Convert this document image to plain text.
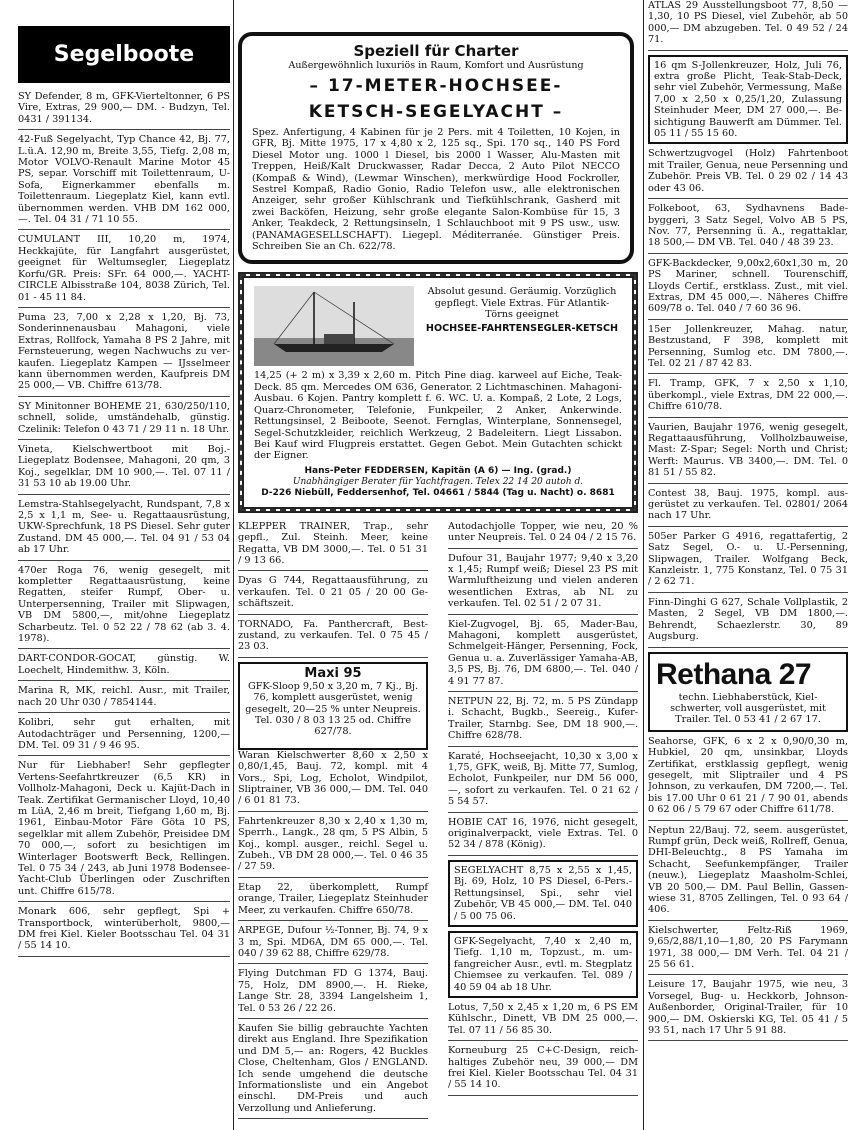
Segelboote
SY Defender, 8 m, GFK-Vierteltonner, 6 PS Vire, Extras, 29 900,— DM. - Budzyn, Tel. 0431 / 391134.
42-Fuß Segelyacht, Typ Chance 42, Bj. 77, L.ü.A. 12,90 m, Breite 3,55, Tiefg. 2,08 m, Motor VOLVO-Renault Marine Motor 45 PS, separ. Vorschiff mit Toilettenraum, U-Sofa, Eignerkammer ebenfalls m. Toilettenraum. Liegeplatz Kiel, kann evtl. übernommen werden. VHB DM 162 000,—. Tel. 04 31 / 71 10 55.
CUMULANT III, 10,20 m, 1974, Heckkajüte, für Langfahrt ausgerüstet, geeignet für Weltumsegler, Liegeplatz Korfu/GR. Preis: SFr. 64 000,—. YACHT-CIRCLE Albisstraße 104, 8038 Zürich, Tel. 01 - 45 11 84.
Puma 23, 7,00 x 2,28 x 1,20, Bj. 73, Sonderinnenausbau Mahagoni, viele Extras, Rollfock, Yamaha 8 PS 2 Jahre, mit Fernsteuerung, wegen Nachwuchs zu verkaufen. Liegeplatz Kampen — IJsselmeer kann übernommen werden, Kaufpreis DM 25 000,— VB. Chiffre 613/78.
SY Minitonner BOHEME 21, 630/250/110, schnell, solide, umständehalb, günstig. Czelinik: Telefon 0 43 71 / 29 11 n. 18 Uhr.
Vineta, Kielschwertboot mit Boj.-Liegeplatz Bodensee, Mahagoni, 20 qm, 3 Koj., segelklar, DM 10 900,—. Tel. 07 11 / 31 53 10 ab 19.00 Uhr.
Lemstra-Stahlsegelyacht, Rundspant, 7,8 x 2,5 x 1,1 m, See- u. Regattaausrüstung, UKW-Sprechfunk, 18 PS Diesel. Sehr guter Zustand. DM 45 000,—. Tel. 04 91 / 53 04 ab 17 Uhr.
470er Roga 76, wenig gesegelt, mit kompletter Regattaausrüstung, keine Regatten, steifer Rumpf, Ober- u. Unterpersenning, Trailer mit Slipwagen, VB DM 5800,—, mit/ohne Liegeplatz Scharbeutz. Tel. 0 52 22 / 78 62 (ab 3. 4. 1978).
DART-CONDOR-GOCAT, günstig. W. Loechelt, Hindemithw. 3, Köln.
Marina R, MK, reichl. Ausr., mit Trailer, nach 20 Uhr 030 / 7854144.
Kolibri, sehr gut erhalten, mit Autodachträger und Persenning, 1200,— DM. Tel. 09 31 / 9 46 95.
Nur für Liebhaber! Sehr gepflegter Vertens-Seefahrtkreuzer (6,5 KR) in Vollholz-Mahagoni, Deck u. Kajüt-Dach in Teak. Zertifikat Germanischer Lloyd, 10,40 m LüA, 2,46 m breit, Tiefgang 1,60 m, Bj. 1961, Einbau-Motor Färe Göta 10 PS, segelklar mit allem Zubehör, Preisidee DM 70 000,—, sofort zu besichtigen im Winterlager Bootswerft Beck, Rellingen. Tel. 0 75 34 / 243, ab Juni 1978 Bodensee-Yacht-Club Überlingen oder Zuschriften unt. Chiffre 615/78.
Monark 606, sehr gepflegt, Spi + Transportbock, winterüberholt, 9800,— DM frei Kiel. Kieler Bootsschau Tel. 04 31 / 55 14 10.
Speziell für Charter
Außergewöhnlich luxuriös in Raum, Komfort und Ausrüstung
– 17-METER-HOCHSEE-
KETSCH-SEGELYACHT –
Spez. Anfertigung, 4 Kabinen für je 2 Pers. mit 4 Toiletten, 10 Kojen, in GFR, Bj. Mitte 1975, 17 x 4,80 x 2, 125 sq., Spi. 170 sq., 140 PS Ford Diesel Motor ung. 1000 l Diesel, bis 2000 l Wasser, Alu-Masten mit Treppen, Heiß/Kalt Druckwasser, Radar Decca, 2 Auto Pilot NECCO (Kompaß & Wind), (Lewmar Winschen), merkwürdige Hood Fockroller, Sestrel Kompaß, Radio Gonio, Radio Telefon usw., alle elektronischen Anzeiger, sehr großer Kühlschrank und Tiefkühlschrank, Gasherd mit zwei Backöfen, Heizung, sehr große elegante Salon-Kombüse für 15, 3 Anker, Teakdeck, 2 Rettungsinseln, 1 Schlauchboot mit 9 PS usw., usw. (PANAMAGESELLSCHAFT). Liegepl. Méditerranée. Günstiger Preis. Schreiben Sie an Ch. 622/78.
Absolut gesund. Geräumig. Vorzüglich gepflegt. Viele Extras. Für Atlantik-Törns geeignet
HOCHSEE-FAHRTENSEGLER-KETSCH
14,25 (+ 2 m) x 3,39 x 2,60 m. Pitch Pine diag. karweel auf Eiche, Teak-Deck. 85 qm. Mercedes OM 636, Generator. 2 Lichtmaschinen. Mahagoni-Ausbau. 6 Kojen. Pantry komplett f. 6. WC. U. a. Kompaß, 2 Lote, 2 Logs, Quarz-Chronometer, Telefonie, Funkpeiler, 2 Anker, Ankerwinde. Rettungsinsel, 2 Beiboote, Seenot. Fernglas, Winterplane, Sonnensegel, Segel-Schutzkleider, reichlich Werkzeug, 2 Badeleitern. Liegt Lissabon. Bei Kauf wird Flugpreis erstattet. Gegen Gebot. Mein Gutachten schickt der Eigner.
Hans-Peter FEDDERSEN, Kapitän (A 6) — Ing. (grad.)
Unabhängiger Berater für Yachtfragen. Telex 22 14 20 autoh d.
D-226 Niebüll, Feddersenhof, Tel. 04661 / 5844 (Tag u. Nacht) o. 8681
KLEPPER TRAINER, Trap., sehr gepfl., Zul. Steinh. Meer, keine Regatta, VB DM 3000,—. Tel. 0 51 31 / 9 13 66.
Dyas G 744, Regattaausführung, zu verkaufen. Tel. 0 21 05 / 20 00 Geschäftszeit.
TORNADO, Fa. Panthercraft, Bestzustand, zu verkaufen. Tel. 0 75 45 / 23 03.
Maxi 95
GFK-Sloop 9,50 x 3,20 m, 7 Kj., Bj. 76, komplett ausgerüstet, wenig gesegelt, 20—25 % unter Neupreis. Tel. 030 / 8 03 13 25 od. Chiffre 627/78.
Waran Kielschwerter 8,60 x 2,50 x 0,80/1,45, Bauj. 72, kompl. mit 4 Vors., Spi, Log, Echolot, Windpilot, Sliptrainer, VB 36 000,— DM. Tel. 040 / 6 01 81 73.
Fahrtenkreuzer 8,30 x 2,40 x 1,30 m, Sperrh., Langk., 28 qm, 5 PS Albin, 5 Koj., kompl. ausger., reichl. Segel u. Zubeh., VB DM 28 000,—. Tel. 0 46 35 / 27 59.
Etap 22, überkomplett, Rumpf orange, Trailer, Liegeplatz Steinhuder Meer, zu verkaufen. Chiffre 650/78.
ARPEGE, Dufour ½-Tonner, Bj. 74, 9 x 3 m, Spi. MD6A, DM 65 000,—. Tel. 040 / 39 62 88, Chiffre 629/78.
Flying Dutchman FD G 1374, Bauj. 75, Holz, DM 8900,—. H. Rieke, Lange Str. 28, 3394 Langelsheim 1, Tel. 0 53 26 / 22 26.
Kaufen Sie billig gebrauchte Yachten direkt aus England. Ihre Spezifikation und DM 5,— an: Rogers, 42 Buckles Close, Cheltenham, Glos / ENGLAND. Ich sende umgehend die deutsche Informationsliste und ein Angebot einschl. DM-Preis und auch Verzollung und Anlieferung.
Autodachjolle Topper, wie neu, 20 % unter Neupreis. Tel. 0 24 04 / 2 15 76.
Dufour 31, Baujahr 1977; 9,40 x 3,20 x 1,45; Rumpf weiß; Diesel 23 PS mit Warmluftheizung und vielen anderen wesentlichen Extras, ab NL zu verkaufen. Tel. 02 51 / 2 07 31.
Kiel-Zugvogel, Bj. 65, Mader-Bau, Mahagoni, komplett ausgerüstet, Schmelgeit-Hänger, Persenning, Fock, Genua u. a. Zuverlässiger Yamaha-AB, 3,5 PS, Bj. 76, DM 6800,—. Tel. 040 / 4 91 77 87.
NETPUN 22, Bj. 72, m. 5 PS Zündapp i. Schacht, Bugkb., Seereig., Kufer-Trailer, Starnbg. See, DM 18 900,—. Chiffre 628/78.
Karaté, Hochseejacht, 10,30 x 3,00 x 1,75, GFK, weiß, Bj. Mitte 77, Sumlog, Echolot, Funkpeiler, nur DM 56 000,—, sofort zu verkaufen. Tel. 0 21 62 / 5 54 57.
HOBIE CAT 16, 1976, nicht gesegelt, originalverpackt, viele Extras. Tel. 0 52 34 / 878 (König).
SEGELYACHT 8,75 x 2,55 x 1,45, Bj. 69, Holz, 10 PS Diesel, 6-Pers.-Rettungsinsel, Spi., sehr viel Zubehör, VB 45 000,— DM. Tel. 040 / 5 00 75 06.
GFK-Segelyacht, 7,40 x 2,40 m, Tiefg. 1,10 m, Topzust., m. umfangreicher Ausr., evtl. m. Stegplatz Chiemsee zu verkaufen. Tel. 089 / 40 59 04 ab 18 Uhr.
Lotus, 7,50 x 2,45 x 1,20 m, 6 PS EM Kühlschr., Dinett, VB DM 25 000,—. Tel. 07 11 / 56 85 30.
Korneuburg 25 C+C-Design, reichhaltiges Zubehör neu, 39 000,— DM frei Kiel. Kieler Bootsschau Tel. 04 31 / 55 14 10.
ATLAS 29 Ausstellungsboot 77, 8,50 — 1,30, 10 PS Diesel, viel Zubehör, ab 50 000,— DM abzugeben. Tel. 0 49 52 / 24 71.
16 qm S-Jollenkreuzer, Holz, Juli 76, extra große Plicht, Teak-Stab-Deck, sehr viel Zubehör, Vermessung, Maße 7,00 x 2,50 x 0,25/1,20, Zulassung Steinhuder Meer, DM 27 000,—. Besichtigung Bauwerft am Dümmer. Tel. 05 11 / 55 15 60.
Schwertzugvogel (Holz) Fahrtenboot mit Trailer, Genua, neue Persenning und Zubehör. Preis VB. Tel. 0 29 02 / 14 43 oder 43 06.
Folkeboot, 63, Sydhavnens Badebyggeri, 3 Satz Segel, Volvo AB 5 PS, Nov. 77, Persenning ü. A., regattaklar, 18 500,— DM VB. Tel. 040 / 48 39 23.
GFK-Backdecker, 9,00x2,60x1,30 m, 20 PS Mariner, schnell. Tourenschiff, Lloyds Certif., erstklass. Zust., mit viel. Extras, DM 45 000,—. Näheres Chiffre 609/78 o. Tel. 040 / 7 60 36 96.
15er Jollenkreuzer, Mahag. natur, Bestzustand, F 398, komplett mit Persenning, Sumlog etc. DM 7800,—. Tel. 02 21 / 87 42 83.
Fl. Tramp, GFK, 7 x 2,50 x 1,10, überkompl., viele Extras, DM 22 000,—. Chiffre 610/78.
Vaurien, Baujahr 1976, wenig gesegelt, Regattaausführung, Vollholzbauweise, Mast: Z-Spar; Segel: North und Christ; Werft: Maurus. VB 3400,—. DM. Tel. 0 81 51 / 55 82.
Contest 38, Bauj. 1975, kompl. ausgerüstet zu verkaufen. Tel. 02801/ 2064 nach 17 Uhr.
505er Parker G 4916, regattafertig, 2 Satz Segel, O.- u. U.-Persenning, Slipwagen, Trailer. Wolfgang Beck, Kanzleistr. 1, 775 Konstanz, Tel. 0 75 31 / 2 62 71.
Finn-Dinghi G 627, Schale Vollplastik, 2 Masten, 2 Segel, VB DM 1800,—. Behrendt, Schaezlerstr. 30, 89 Augsburg.
Rethana 27
techn. Liebhaberstück, Kielschwerter, voll ausgerüstet, mit Trailer. Tel. 0 53 41 / 2 67 17.
Seahorse, GFK, 6 x 2 x 0,90/0,30 m, Hubkiel, 20 qm, unsinkbar, Lloyds Zertifikat, erstklassig gepflegt, wenig gesegelt, mit Sliptrailer und 4 PS Johnson, zu verkaufen, DM 7200,—. Tel. bis 17.00 Uhr 0 61 21 / 7 90 01, abends 0 62 06 / 5 79 67 oder Chiffre 611/78.
Neptun 22/Bauj. 72, seem. ausgerüstet, Rumpf grün, Deck weiß, Rollreff, Genua, DHI-Beleuchtg., 8 PS Yamaha im Schacht, Seefunkempfänger, Trailer (neuw.), Liegeplatz Maasholm-Schlei, VB 20 500,— DM. Paul Bellin, Gassenwiese 31, 8705 Zellingen, Tel. 0 93 64 / 406.
Kielschwerter, Feltz-Riß 1969, 9,65/2,88/1,10—1,80, 20 PS Farymann 1971, 38 000,— DM Verh. Tel. 04 21 / 25 56 61.
Leisure 17, Baujahr 1975, wie neu, 3 Vorsegel, Bug- u. Heckkorb, Johnson-Außenborder, Original-Trailer, für 10 900,— DM. Oskierski KG, Tel. 05 41 / 5 93 51, nach 17 Uhr 5 91 88.
